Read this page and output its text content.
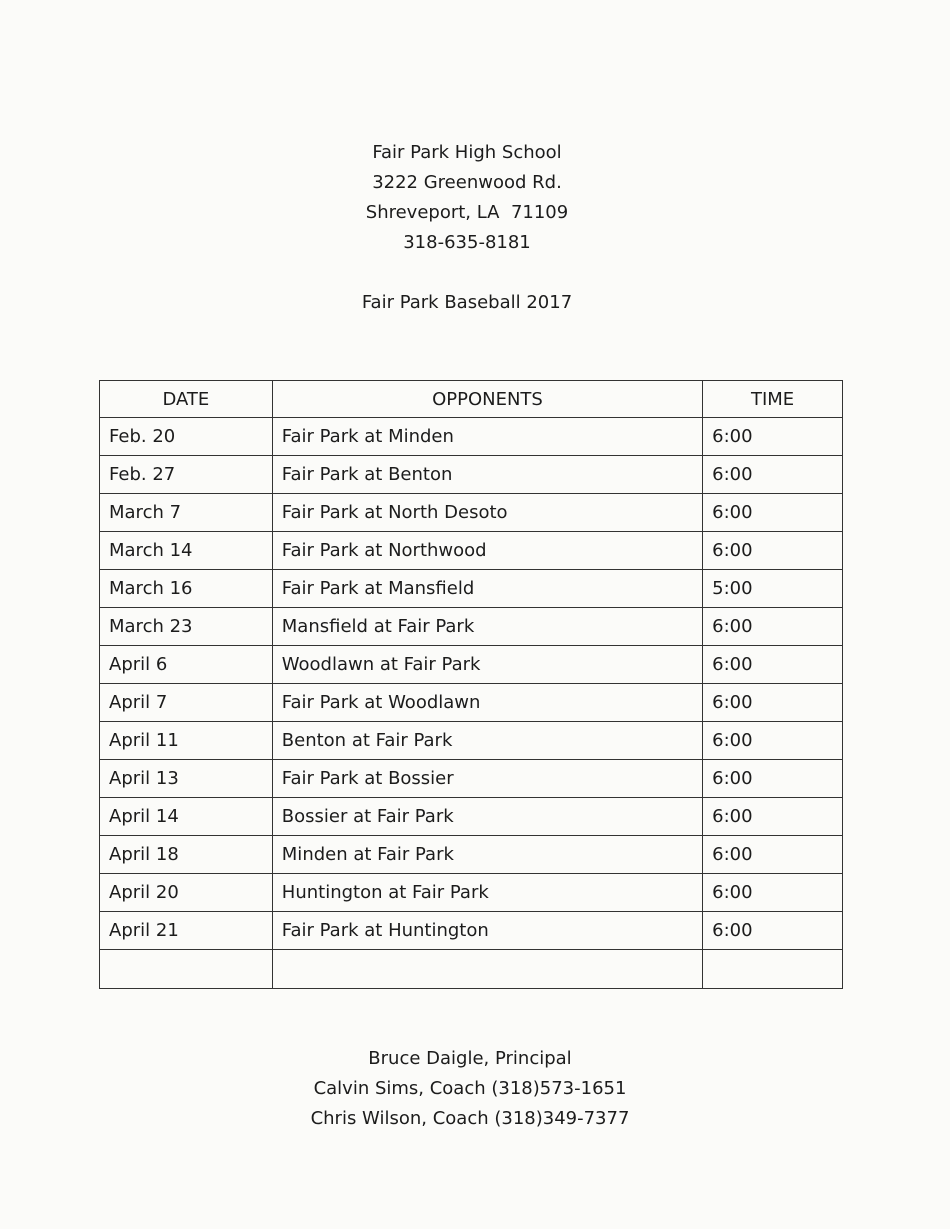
Fair Park High School
3222 Greenwood Rd.
Shreveport, LA  71109
318-635-8181
Fair Park Baseball 2017
DATE	OPPONENTS	TIME
Feb. 20	Fair Park at Minden	6:00
Feb. 27	Fair Park at Benton	6:00
March 7	Fair Park at North Desoto	6:00
March 14	Fair Park at Northwood	6:00
March 16	Fair Park at Mansfield	5:00
March 23	Mansfield at Fair Park	6:00
April 6	Woodlawn at Fair Park	6:00
April 7	Fair Park at Woodlawn	6:00
April 11	Benton at Fair Park	6:00
April 13	Fair Park at Bossier	6:00
April 14	Bossier at Fair Park	6:00
April 18	Minden at Fair Park	6:00
April 20	Huntington at Fair Park	6:00
April 21	Fair Park at Huntington	6:00

Bruce Daigle, Principal
Calvin Sims, Coach (318)573-1651
Chris Wilson, Coach (318)349-7377
